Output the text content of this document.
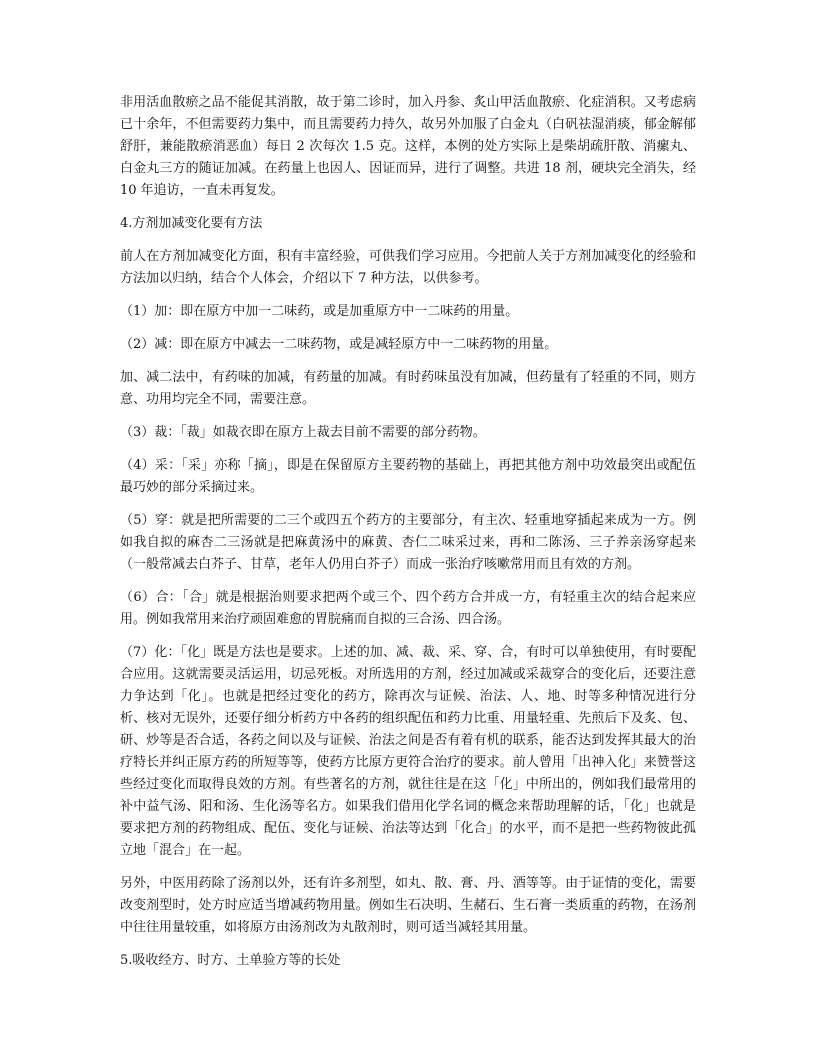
非用活血散瘀之品不能促其消散，故于第二诊时，加入丹参、炙山甲活血散瘀、化症消积。又考虑病已十余年，不但需要药力集中，而且需要药力持久，故另外加服了白金丸（白矾祛湿消痰，郁金解郁舒肝，兼能散瘀消恶血）每日 2 次每次 1.5 克。这样，本例的处方实际上是柴胡疏肝散、消瘰丸、白金丸三方的随证加减。在药量上也因人、因证而异，进行了调整。共进 18 剂，硬块完全消失，经 10 年追访，一直未再复发。

4.方剂加减变化要有方法

前人在方剂加减变化方面，积有丰富经验，可供我们学习应用。今把前人关于方剂加减变化的经验和方法加以归纳，结合个人体会，介绍以下 7 种方法，以供参考。

（1）加：即在原方中加一二味药，或是加重原方中一二味药的用量。

（2）减：即在原方中减去一二味药物，或是减轻原方中一二味药物的用量。

加、减二法中，有药味的加减，有药量的加减。有时药味虽没有加减，但药量有了轻重的不同，则方意、功用均完全不同，需要注意。

（3）裁：「裁」如裁衣即在原方上裁去目前不需要的部分药物。

（4）采：「采」亦称「摘」，即是在保留原方主要药物的基础上，再把其他方剂中功效最突出或配伍最巧妙的部分采摘过来。

（5）穿：就是把所需要的二三个或四五个药方的主要部分，有主次、轻重地穿插起来成为一方。例如我自拟的麻杏二三汤就是把麻黄汤中的麻黄、杏仁二味采过来，再和二陈汤、三子养亲汤穿起来（一般常减去白芥子、甘草，老年人仍用白芥子）而成一张治疗咳嗽常用而且有效的方剂。

（6）合：「合」就是根据治则要求把两个或三个、四个药方合并成一方，有轻重主次的结合起来应用。例如我常用来治疗顽固难愈的胃脘痛而自拟的三合汤、四合汤。

（7）化：「化」既是方法也是要求。上述的加、减、裁、采、穿、合，有时可以单独使用，有时要配合应用。这就需要灵活运用，切忌死板。对所选用的方剂，经过加减或采裁穿合的变化后，还要注意力争达到「化」。也就是把经过变化的药方，除再次与证候、治法、人、地、时等多种情况进行分析、核对无误外，还要仔细分析药方中各药的组织配伍和药力比重、用量轻重、先煎后下及炙、包、研、炒等是否合适，各药之间以及与证候、治法之间是否有着有机的联系，能否达到发挥其最大的治疗特长并纠正原方药的所短等等，使药方比原方更符合治疗的要求。前人曾用「出神入化」来赞誉这些经过变化而取得良效的方剂。有些著名的方剂，就往往是在这「化」中所出的，例如我们最常用的补中益气汤、阳和汤、生化汤等名方。如果我们借用化学名词的概念来帮助理解的话，「化」也就是要求把方剂的药物组成、配伍、变化与证候、治法等达到「化合」的水平，而不是把一些药物彼此孤立地「混合」在一起。

另外，中医用药除了汤剂以外，还有许多剂型，如丸、散、膏、丹、酒等等。由于证情的变化，需要改变剂型时，处方时应适当增减药物用量。例如生石决明、生赭石、生石膏一类质重的药物，在汤剂中往往用量较重，如将原方由汤剂改为丸散剂时，则可适当减轻其用量。

5.吸收经方、时方、土单验方等的长处
